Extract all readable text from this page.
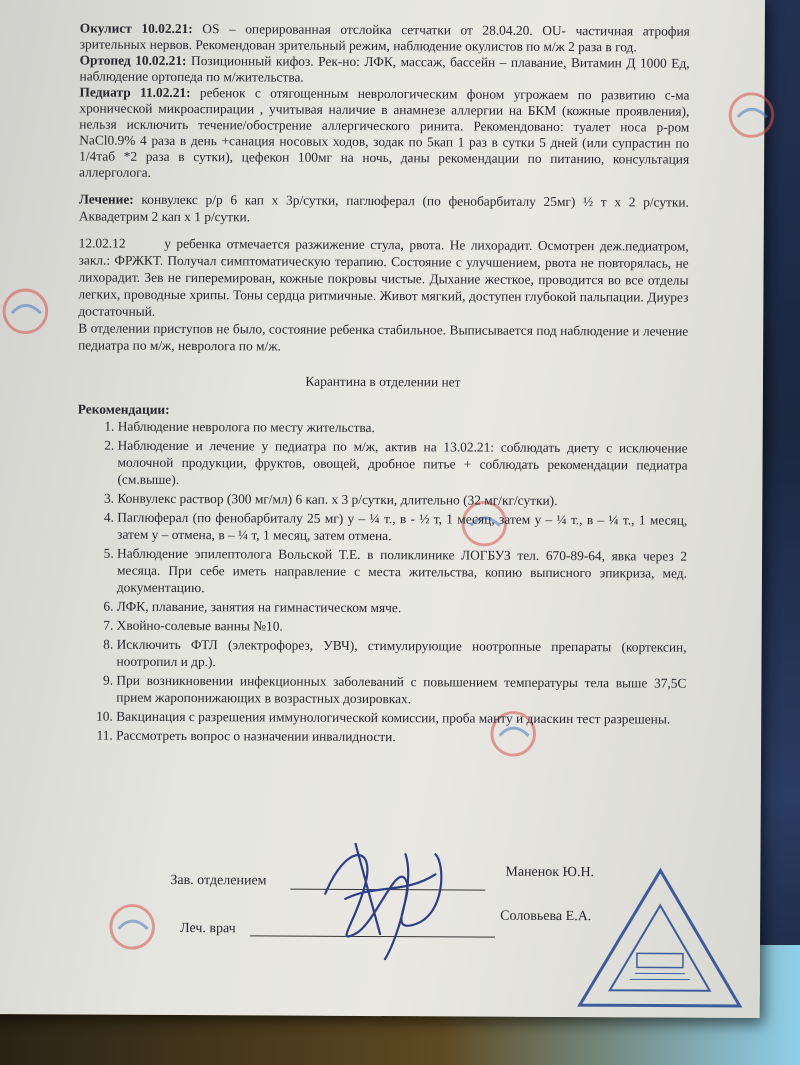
Окулист 10.02.21: OS – оперированная отслойка сетчатки от 28.04.20. OU- частичная атрофия зрительных нервов. Рекомендован зрительный режим, наблюдение окулистов по м/ж 2 раза в год.

Ортопед 10.02.21: Позиционный кифоз. Рек-но: ЛФК, массаж, бассейн – плавание, Витамин Д 1000 Ед, наблюдение ортопеда по м/жительства.

Педиатр 11.02.21: ребенок с отягощенным неврологическим фоном угрожаем по развитию с-ма хронической микроаспирации , учитывая наличие в анамнезе аллергии на БКМ (кожные проявления), нельзя исключить течение/обострение аллергического ринита. Рекомендовано: туалет носа р-ром NaCl0.9% 4 раза в день +санация носовых ходов, зодак по 5кап 1 раз в сутки 5 дней (или супрастин по 1/4таб *2 раза в сутки), цефекон 100мг на ночь, даны рекомендации по питанию, консультация аллерголога.

Лечение: конвулекс р/р 6 кап х 3р/сутки, паглюферал (по фенобарбиталу 25мг) ½ т х 2 р/сутки. Аквадетрим 2 кап х 1 р/сутки.

12.02.12	у ребенка отмечается разжижение стула, рвота. Не лихорадит. Осмотрен деж.педиатром, закл.: ФРЖКТ. Получал симптоматическую терапию. Состояние с улучшением, рвота не повторялась, не лихорадит. Зев не гиперемирован, кожные покровы чистые. Дыхание жесткое, проводится во все отделы легких, проводные хрипы. Тоны сердца ритмичные. Живот мягкий, доступен глубокой пальпации. Диурез достаточный.

В отделении приступов не было, состояние ребенка стабильное. Выписывается под наблюдение и лечение педиатра по м/ж, невролога по м/ж.

Карантина в отделении нет

Рекомендации:

1. Наблюдение невролога по месту жительства.
2. Наблюдение и лечение у педиатра по м/ж, актив на 13.02.21: соблюдать диету с исключение молочной продукции, фруктов, овощей, дробное питье + соблюдать рекомендации педиатра (см.выше).
3. Конвулекс раствор (300 мг/мл) 6 кап. х 3 р/сутки, длительно (32 мг/кг/сутки).
4. Паглюферал (по фенобарбиталу 25 мг) у – ¼ т., в - ½ т, 1 месяц, затем у – ¼ т., в – ¼ т., 1 месяц, затем у – отмена, в – ¼ т, 1 месяц, затем отмена.
5. Наблюдение эпилептолога Вольской Т.Е. в поликлинике ЛОГБУЗ тел. 670-89-64, явка через 2 месяца. При себе иметь направление с места жительства, копию выписного эпикриза, мед. документацию.
6. ЛФК, плавание, занятия на гимнастическом мяче.
7. Хвойно-солевые ванны №10.
8. Исключить ФТЛ (электрофорез, УВЧ), стимулирующие ноотропные препараты (кортексин, ноотропил и др.).
9. При возникновении инфекционных заболеваний с повышением температуры тела выше 37,5С прием жаропонижающих в возрастных дозировках.
10. Вакцинация с разрешения иммунологической комиссии, проба манту и диаскин тест разрешены.
11. Рассмотреть вопрос о назначении инвалидности.
Зав. отделением
Маненок Ю.Н.
Леч. врач
Соловьева Е.А.
